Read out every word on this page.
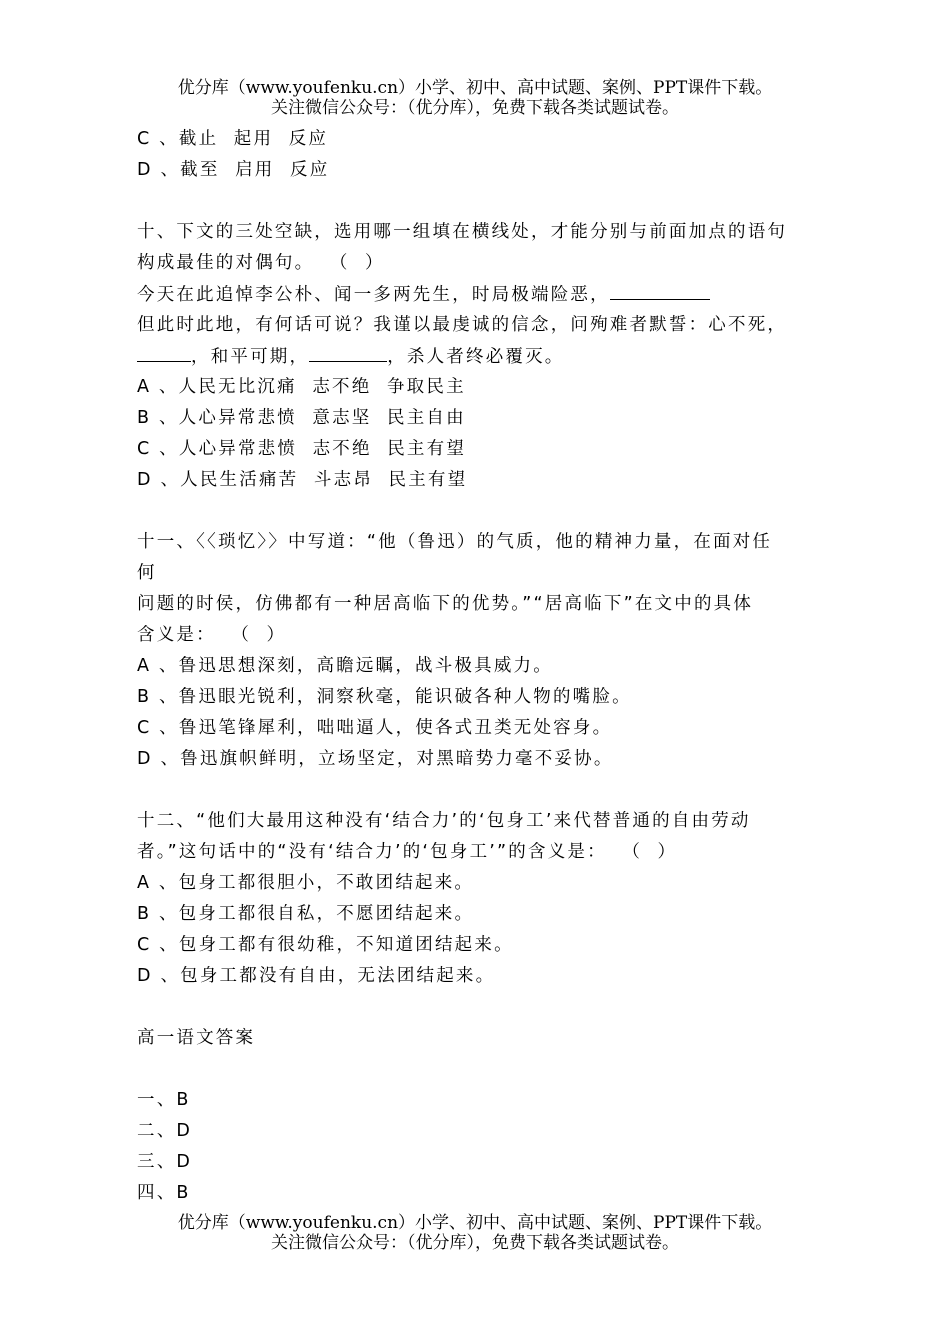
优分库（www.youfenku.cn）小学、初中、高中试题、案例、PPT课件下载。
关注微信公众号：（优分库），免费下载各类试题试卷。
C 、截止  起用  反应
D 、截至  启用  反应
十、下文的三处空缺，选用哪一组填在横线处，才能分别与前面加点的语句
构成最佳的对偶句。  （  ）
今天在此追悼李公朴、闻一多两先生，时局极端险恶，
但此时此地，有何话可说？我谨以最虔诚的信念，问殉难者默誓：心不死，
，和平可期，	，杀人者终必覆灭。
A 、人民无比沉痛  志不绝  争取民主
B 、人心异常悲愤  意志坚  民主自由
C 、人心异常悲愤  志不绝  民主有望
D 、人民生活痛苦  斗志昂  民主有望
十一、〈〈琐忆〉〉中写道：“他（鲁迅）的气质，他的精神力量，在面对任
何
问题的时侯，仿佛都有一种居高临下的优势。”“居高临下”在文中的具体
含义是：  （  ）
A 、鲁迅思想深刻，高瞻远瞩，战斗极具威力。
B 、鲁迅眼光锐利，洞察秋毫，能识破各种人物的嘴脸。
C 、鲁迅笔锋犀利，咄咄逼人，使各式丑类无处容身。
D 、鲁迅旗帜鲜明，立场坚定，对黑暗势力毫不妥协。
十二、“他们大最用这种没有‘结合力’的‘包身工’来代替普通的自由劳动
者。”这句话中的“没有‘结合力’的‘包身工’”的含义是：  （  ）
A 、包身工都很胆小，不敢团结起来。
B 、包身工都很自私，不愿团结起来。
C 、包身工都有很幼稚，不知道团结起来。
D 、包身工都没有自由，无法团结起来。
高一语文答案
一、B
二、D
三、D
四、B
优分库（www.youfenku.cn）小学、初中、高中试题、案例、PPT课件下载。
关注微信公众号：（优分库），免费下载各类试题试卷。
